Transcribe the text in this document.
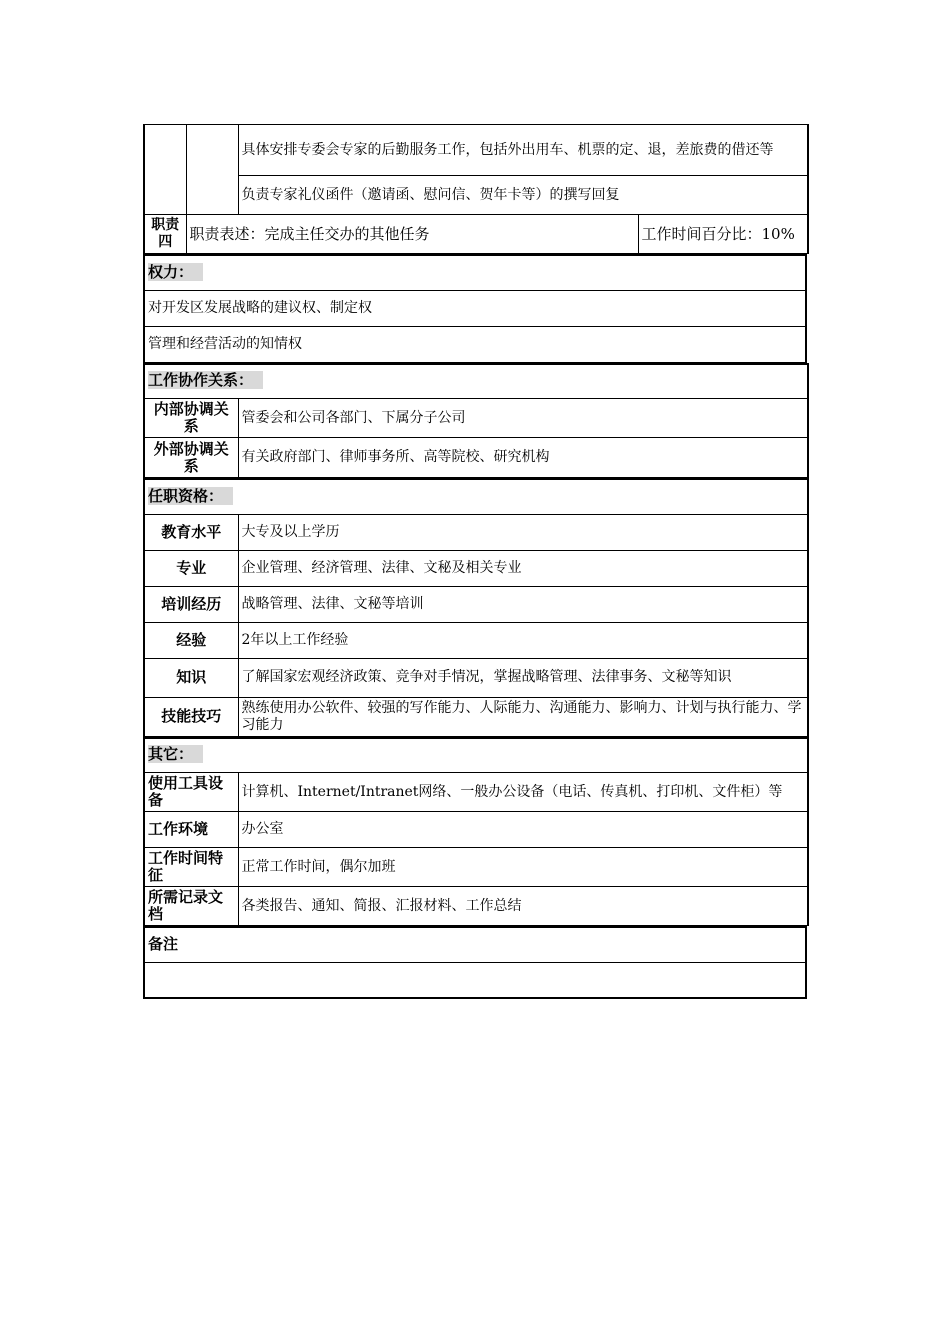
		具体安排专委会专家的后勤服务工作，包括外出用车、机票的定、退，差旅费的借还等	
		负责专家礼仪函件（邀请函、慰问信、贺年卡等）的撰写回复	
职责四	职责表述：完成主任交办的其他任务		工作时间百分比：10%
权力：
对开发区发展战略的建议权、制定权
管理和经营活动的知情权
工作协作关系：	
内部协调关系	管委会和公司各部门、下属分子公司
外部协调关系	有关政府部门、律师事务所、高等院校、研究机构
任职资格：	
教育水平	大专及以上学历
专业	企业管理、经济管理、法律、文秘及相关专业
培训经历	战略管理、法律、文秘等培训
经验	2年以上工作经验
知识	了解国家宏观经济政策、竞争对手情况，掌握战略管理、法律事务、文秘等知识
技能技巧	熟练使用办公软件、较强的写作能力、人际能力、沟通能力、影响力、计划与执行能力、学习能力
其它：	
使用工具设备	计算机、Internet/Intranet网络、一般办公设备（电话、传真机、打印机、文件柜）等
工作环境	办公室
工作时间特征	正常工作时间，偶尔加班
所需记录文档	各类报告、通知、简报、汇报材料、工作总结
备注
